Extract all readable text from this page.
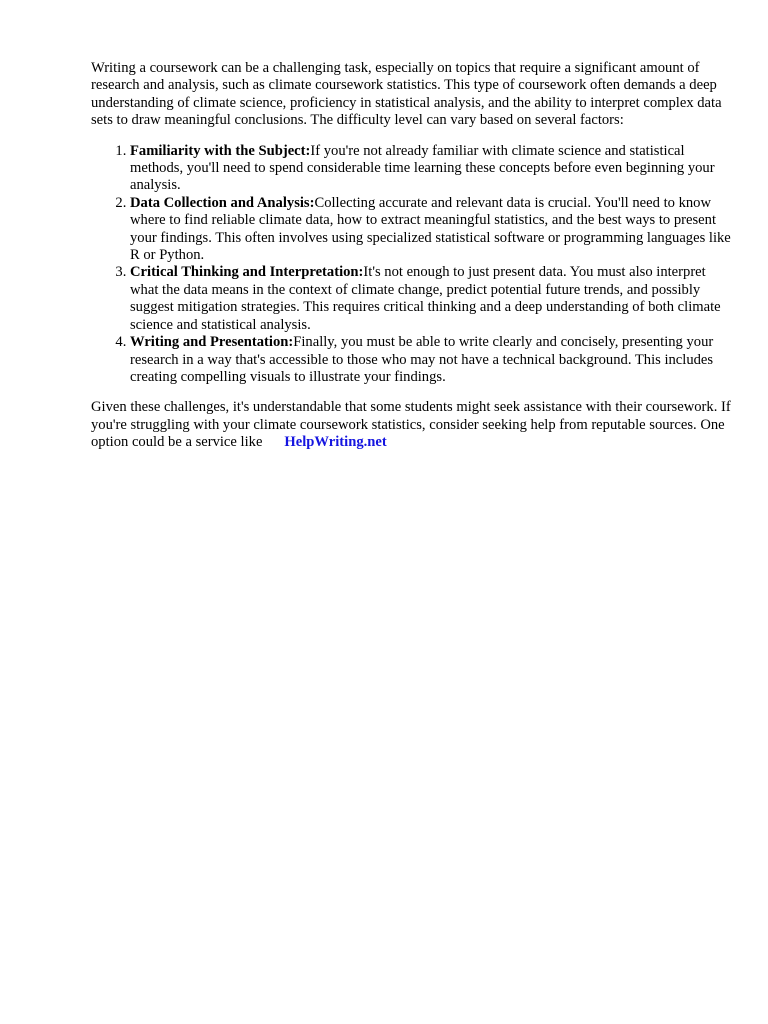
Writing a coursework can be a challenging task, especially on topics that require a significant amount of research and analysis, such as climate coursework statistics. This type of coursework often demands a deep understanding of climate science, proficiency in statistical analysis, and the ability to interpret complex data sets to draw meaningful conclusions. The difficulty level can vary based on several factors:

1. Familiarity with the Subject:If you're not already familiar with climate science and statistical methods, you'll need to spend considerable time learning these concepts before even beginning your analysis.
2. Data Collection and Analysis:Collecting accurate and relevant data is crucial. You'll need to know where to find reliable climate data, how to extract meaningful statistics, and the best ways to present your findings. This often involves using specialized statistical software or programming languages like R or Python.
3. Critical Thinking and Interpretation:It's not enough to just present data. You must also interpret what the data means in the context of climate change, predict potential future trends, and possibly suggest mitigation strategies. This requires critical thinking and a deep understanding of both climate science and statistical analysis.
4. Writing and Presentation:Finally, you must be able to write clearly and concisely, presenting your research in a way that's accessible to those who may not have a technical background. This includes creating compelling visuals to illustrate your findings.

Given these challenges, it's understandable that some students might seek assistance with their coursework. If you're struggling with your climate coursework statistics, consider seeking help from reputable sources. One option could be a service like HelpWriting.net
